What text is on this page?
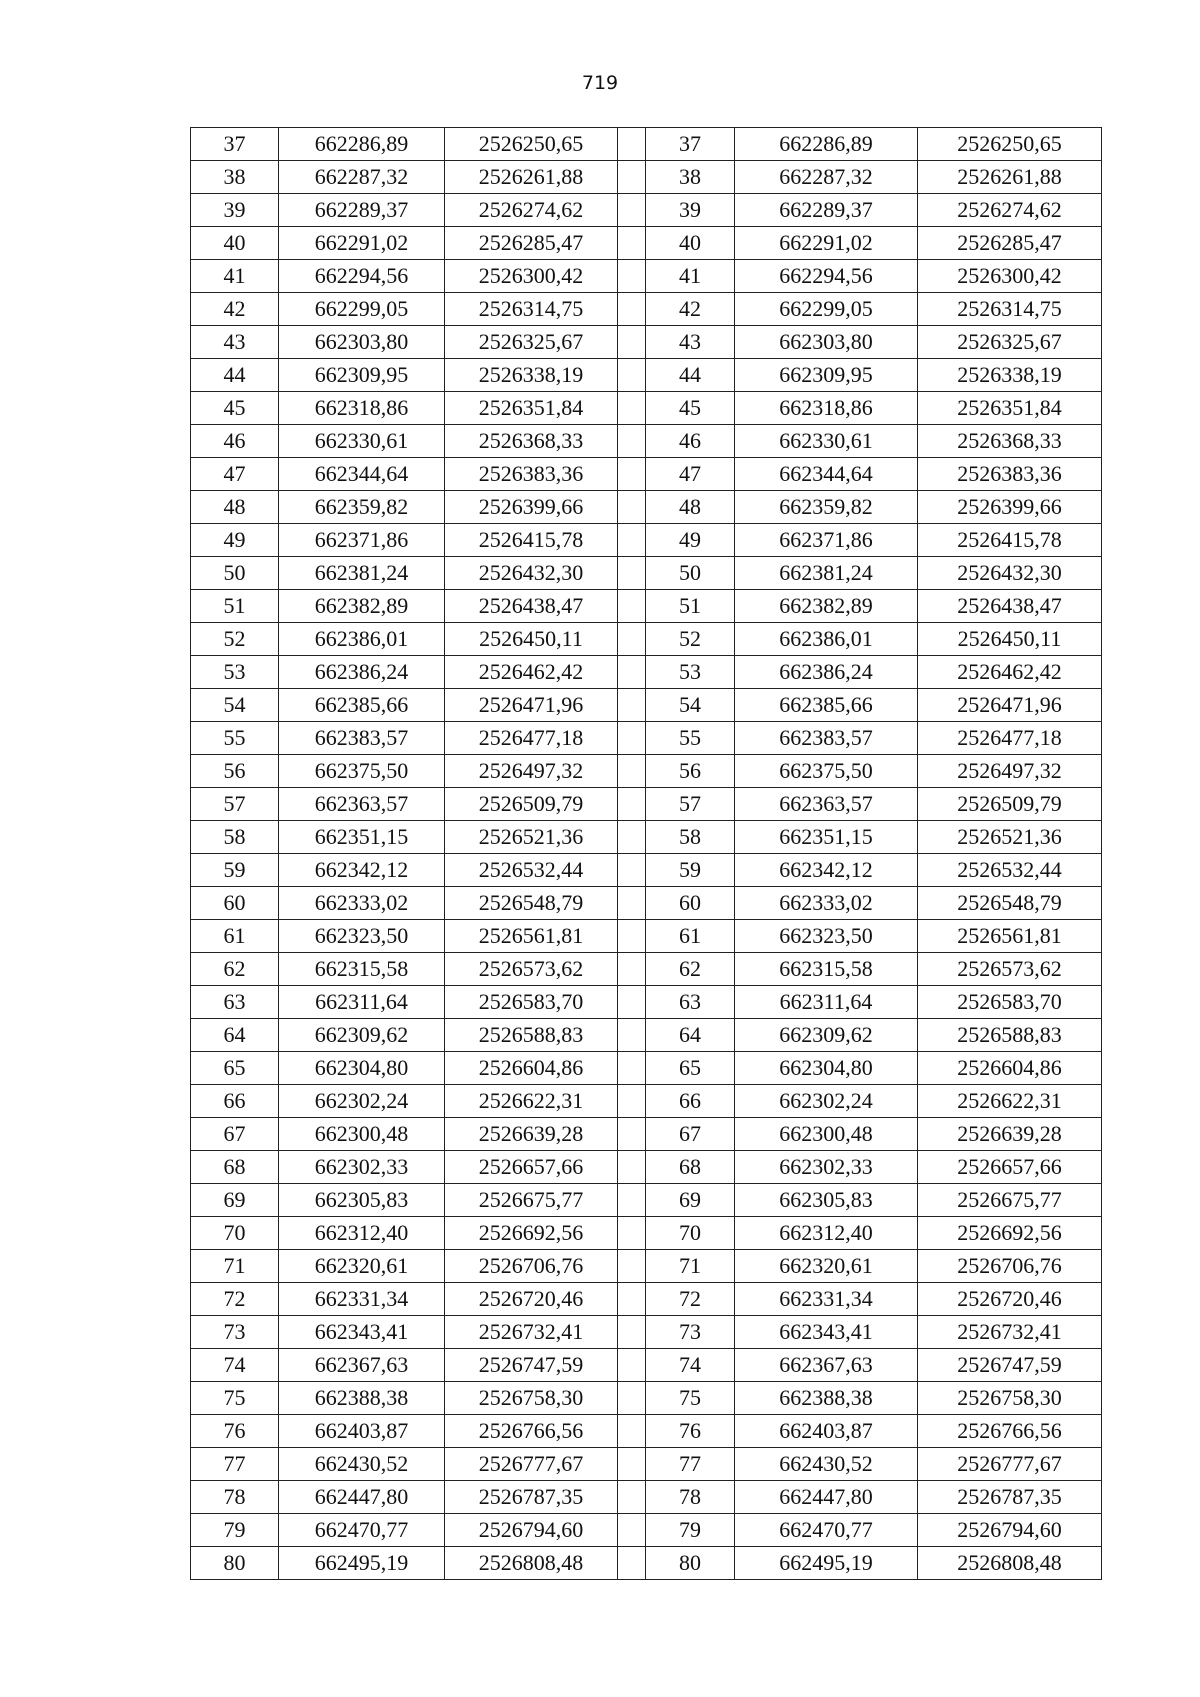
719
37	662286,89	2526250,65		37	662286,89	2526250,65
38	662287,32	2526261,88		38	662287,32	2526261,88
39	662289,37	2526274,62		39	662289,37	2526274,62
40	662291,02	2526285,47		40	662291,02	2526285,47
41	662294,56	2526300,42		41	662294,56	2526300,42
42	662299,05	2526314,75		42	662299,05	2526314,75
43	662303,80	2526325,67		43	662303,80	2526325,67
44	662309,95	2526338,19		44	662309,95	2526338,19
45	662318,86	2526351,84		45	662318,86	2526351,84
46	662330,61	2526368,33		46	662330,61	2526368,33
47	662344,64	2526383,36		47	662344,64	2526383,36
48	662359,82	2526399,66		48	662359,82	2526399,66
49	662371,86	2526415,78		49	662371,86	2526415,78
50	662381,24	2526432,30		50	662381,24	2526432,30
51	662382,89	2526438,47		51	662382,89	2526438,47
52	662386,01	2526450,11		52	662386,01	2526450,11
53	662386,24	2526462,42		53	662386,24	2526462,42
54	662385,66	2526471,96		54	662385,66	2526471,96
55	662383,57	2526477,18		55	662383,57	2526477,18
56	662375,50	2526497,32		56	662375,50	2526497,32
57	662363,57	2526509,79		57	662363,57	2526509,79
58	662351,15	2526521,36		58	662351,15	2526521,36
59	662342,12	2526532,44		59	662342,12	2526532,44
60	662333,02	2526548,79		60	662333,02	2526548,79
61	662323,50	2526561,81		61	662323,50	2526561,81
62	662315,58	2526573,62		62	662315,58	2526573,62
63	662311,64	2526583,70		63	662311,64	2526583,70
64	662309,62	2526588,83		64	662309,62	2526588,83
65	662304,80	2526604,86		65	662304,80	2526604,86
66	662302,24	2526622,31		66	662302,24	2526622,31
67	662300,48	2526639,28		67	662300,48	2526639,28
68	662302,33	2526657,66		68	662302,33	2526657,66
69	662305,83	2526675,77		69	662305,83	2526675,77
70	662312,40	2526692,56		70	662312,40	2526692,56
71	662320,61	2526706,76		71	662320,61	2526706,76
72	662331,34	2526720,46		72	662331,34	2526720,46
73	662343,41	2526732,41		73	662343,41	2526732,41
74	662367,63	2526747,59		74	662367,63	2526747,59
75	662388,38	2526758,30		75	662388,38	2526758,30
76	662403,87	2526766,56		76	662403,87	2526766,56
77	662430,52	2526777,67		77	662430,52	2526777,67
78	662447,80	2526787,35		78	662447,80	2526787,35
79	662470,77	2526794,60		79	662470,77	2526794,60
80	662495,19	2526808,48		80	662495,19	2526808,48
